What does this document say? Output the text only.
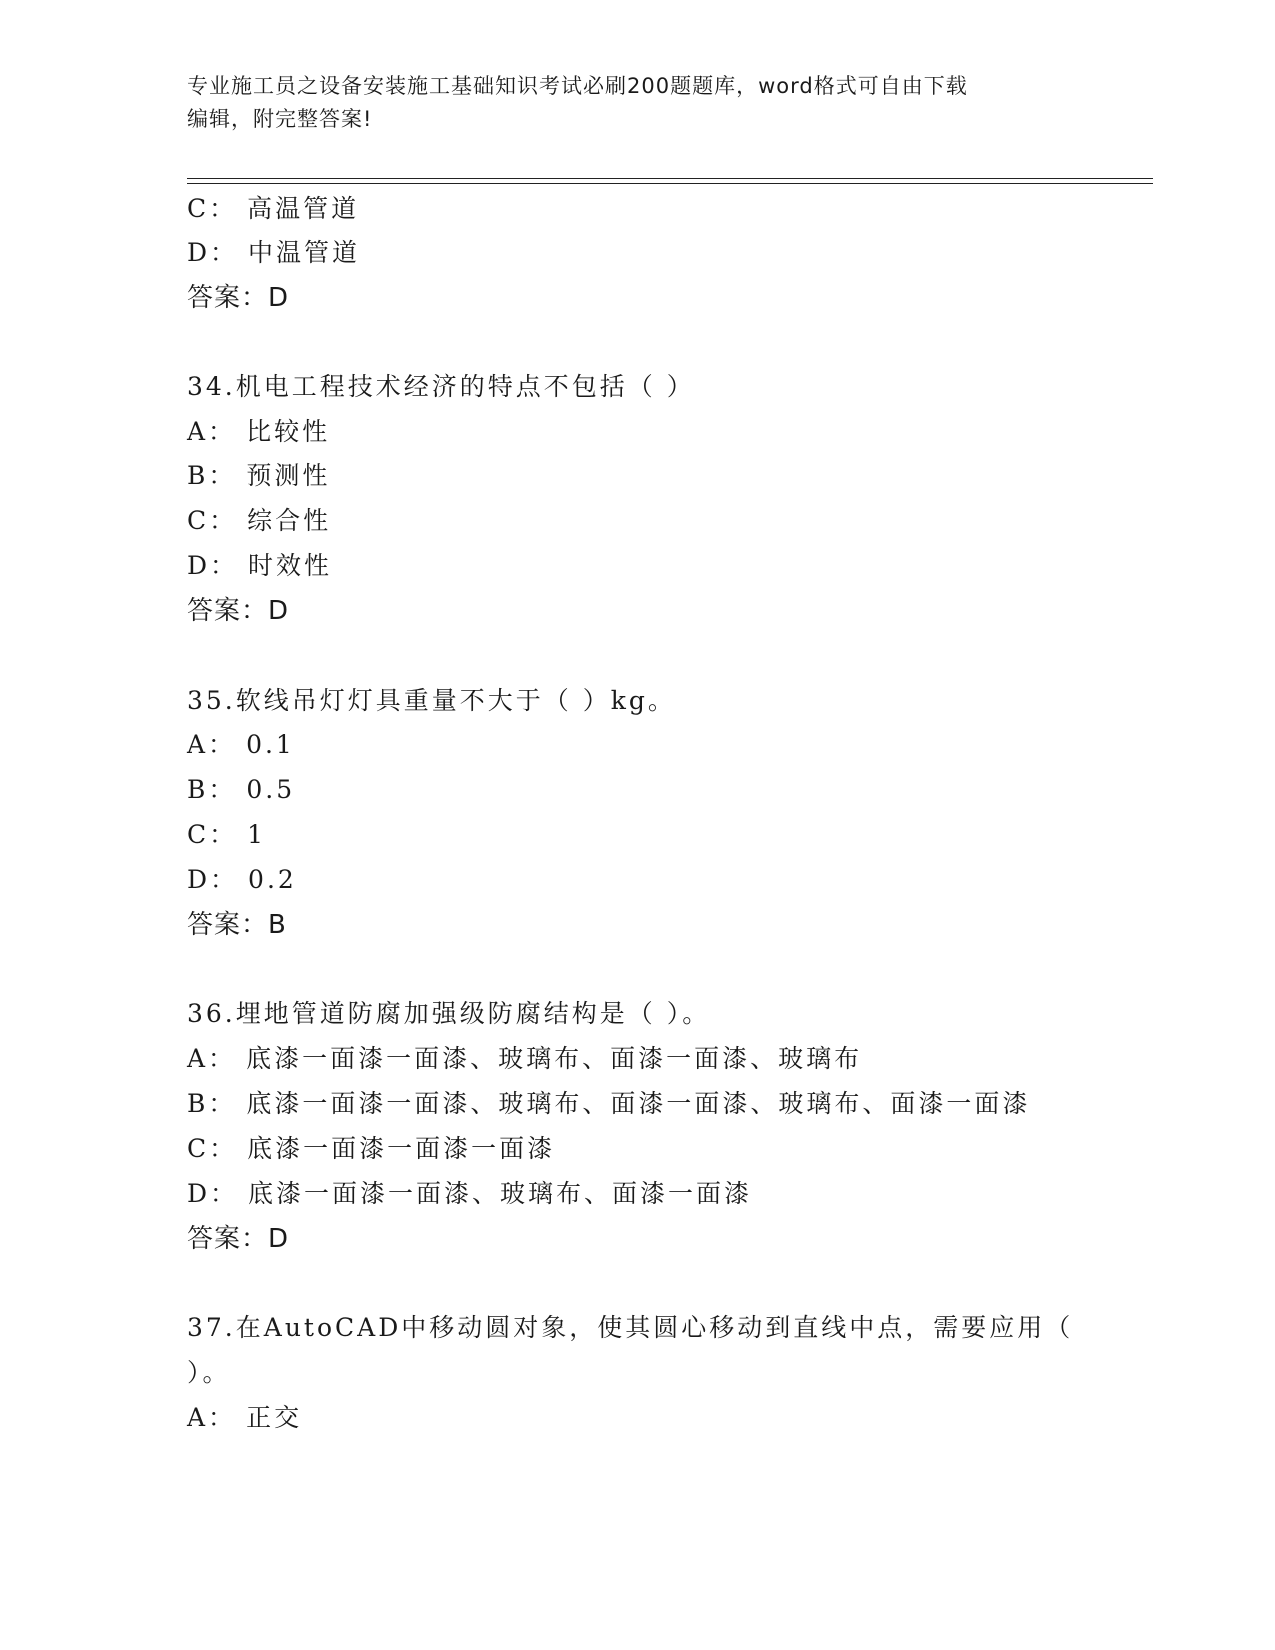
专业施工员之设备安装施工基础知识考试必刷200题题库，word格式可自由下载
编辑，附完整答案!
C： 高温管道
D： 中温管道
答案：D
34.机电工程技术经济的特点不包括（ ）
A： 比较性
B： 预测性
C： 综合性
D： 时效性
答案：D
35.软线吊灯灯具重量不大于（ ）kg。
A： 0.1
B： 0.5
C： 1
D： 0.2
答案：B
36.埋地管道防腐加强级防腐结构是（ ）。
A： 底漆一面漆一面漆、玻璃布、面漆一面漆、玻璃布
B： 底漆一面漆一面漆、玻璃布、面漆一面漆、玻璃布、面漆一面漆
C： 底漆一面漆一面漆一面漆
D： 底漆一面漆一面漆、玻璃布、面漆一面漆
答案：D
37.在AutoCAD中移动圆对象，使其圆心移动到直线中点，需要应用（
）。
A： 正交
